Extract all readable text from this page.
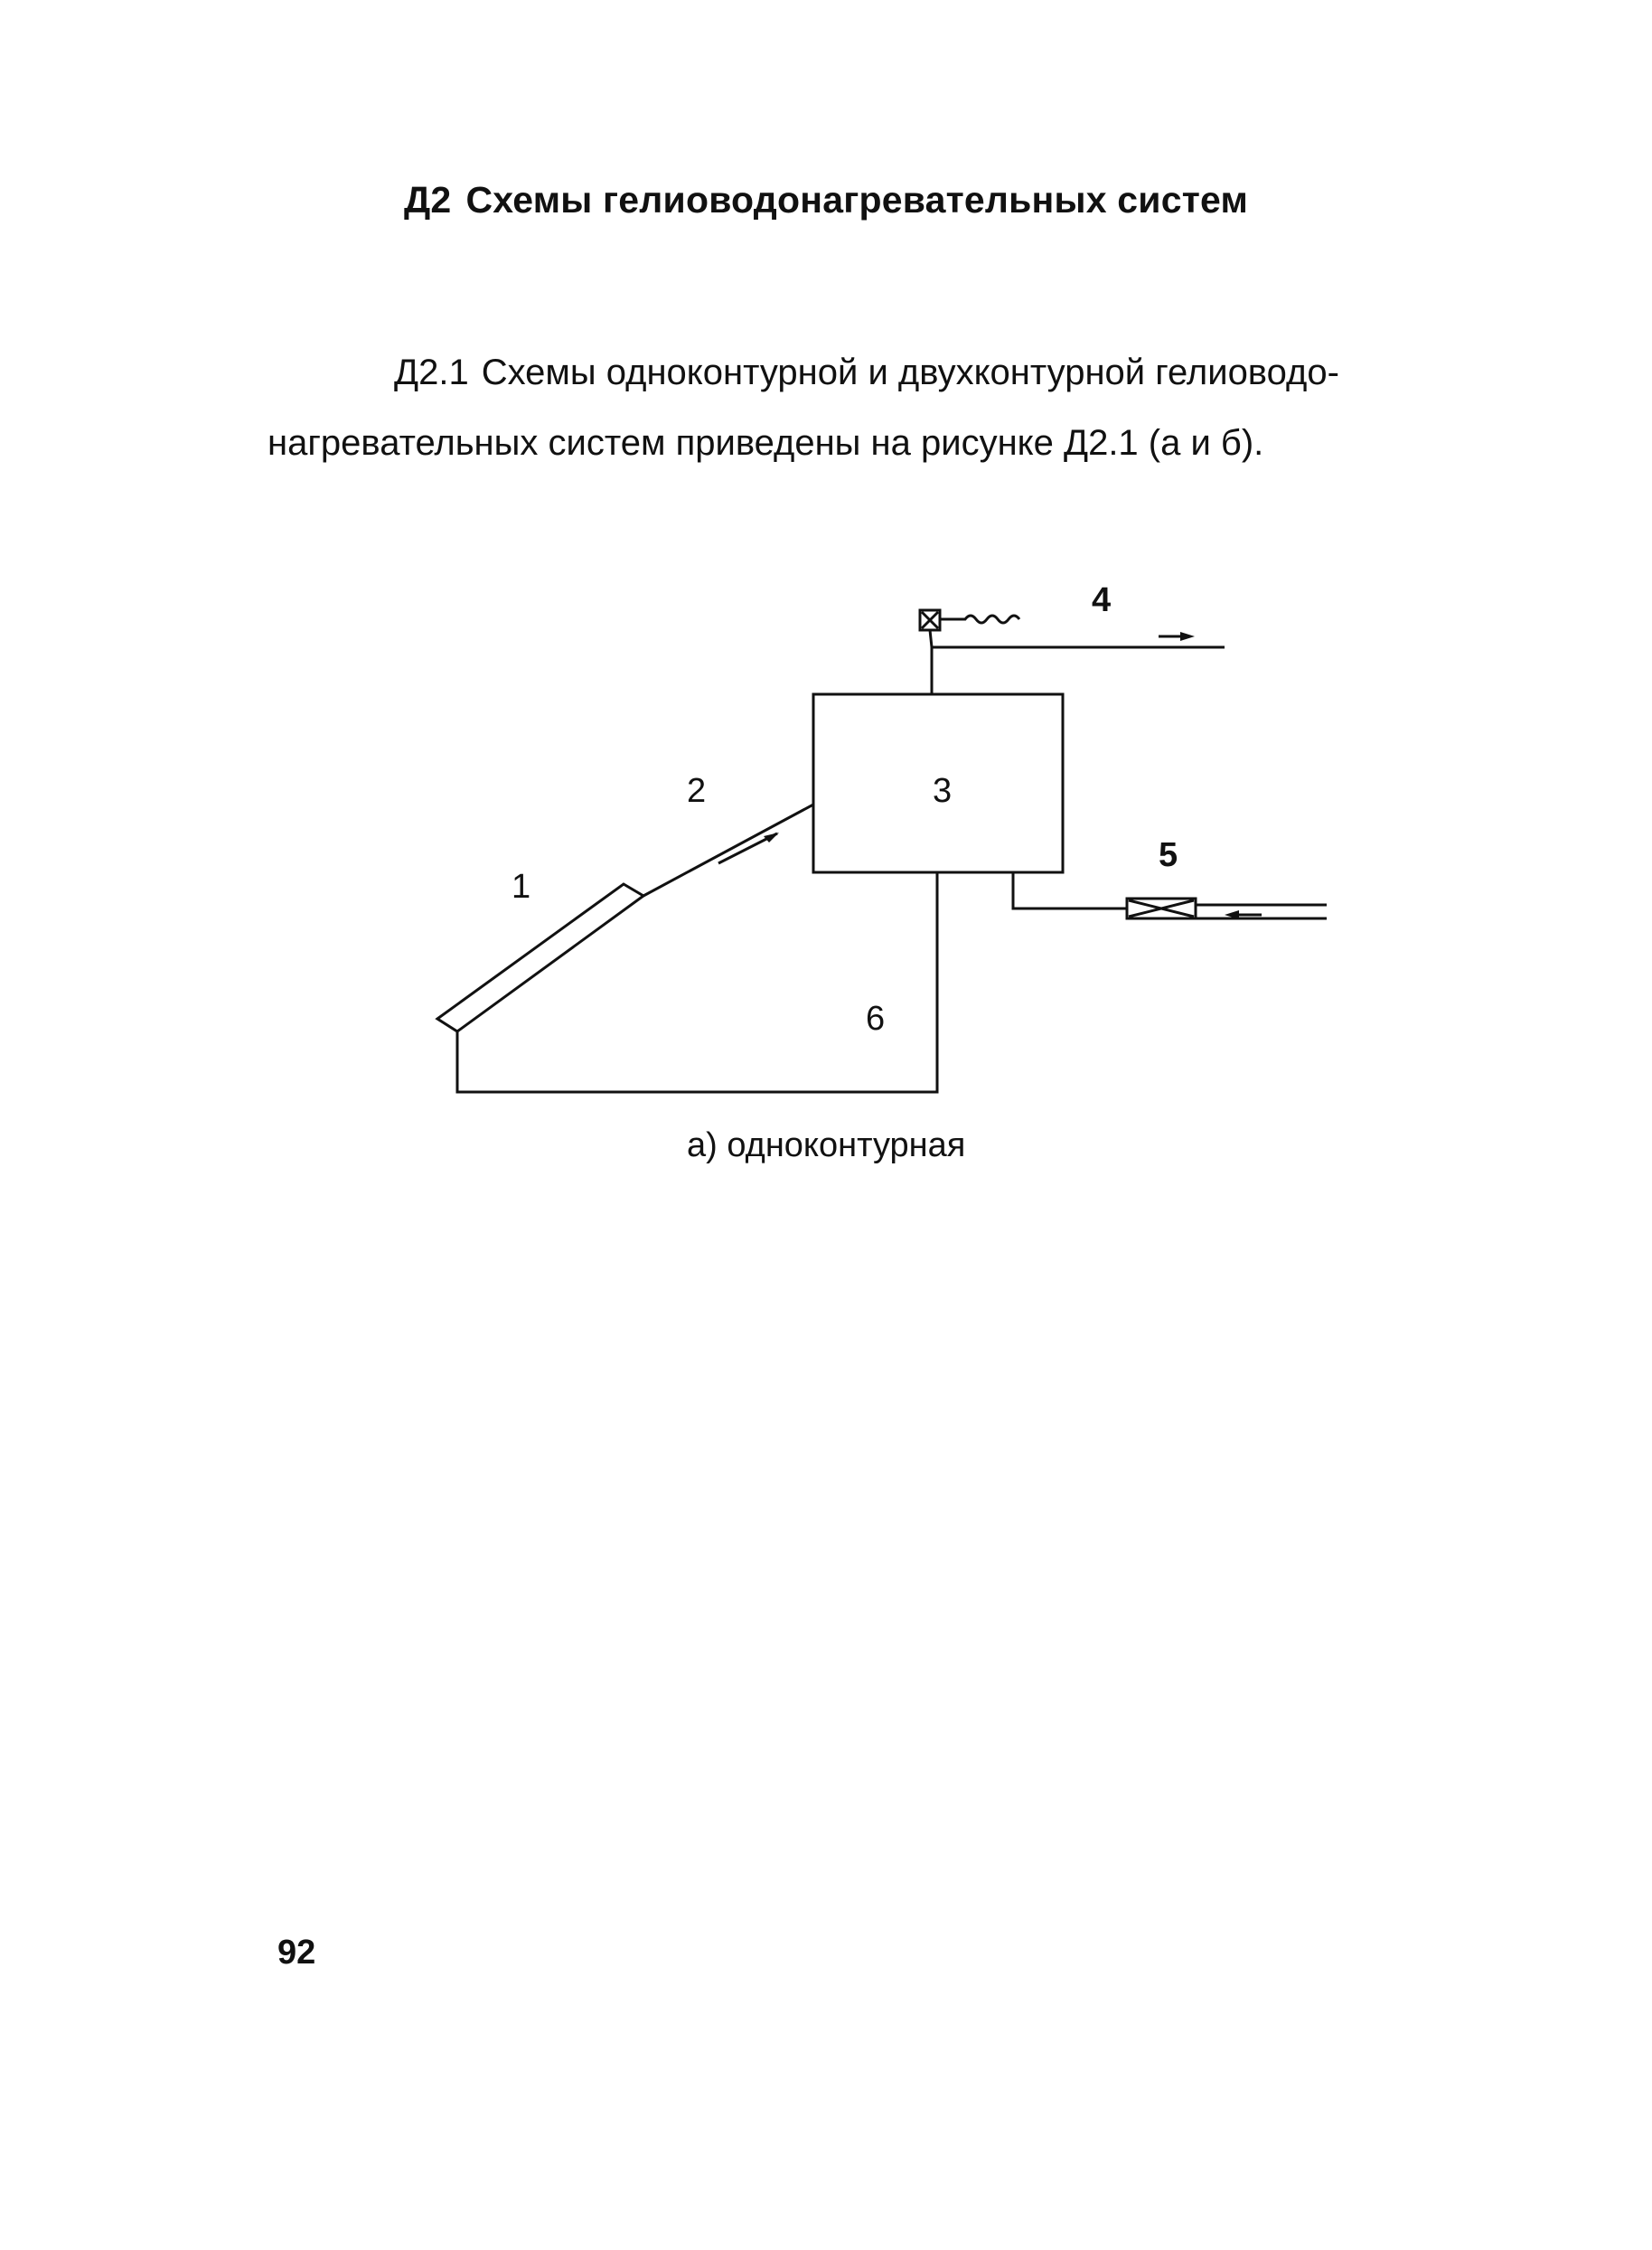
Д2 Схемы гелиоводонагревательных систем
Д2.1 Схемы одноконтурной и двухконтурной гелиоводо-
нагревательных систем приведены на рисунке Д2.1 (а и б).
1
2	3
4
5
6
а) одноконтурная
92
